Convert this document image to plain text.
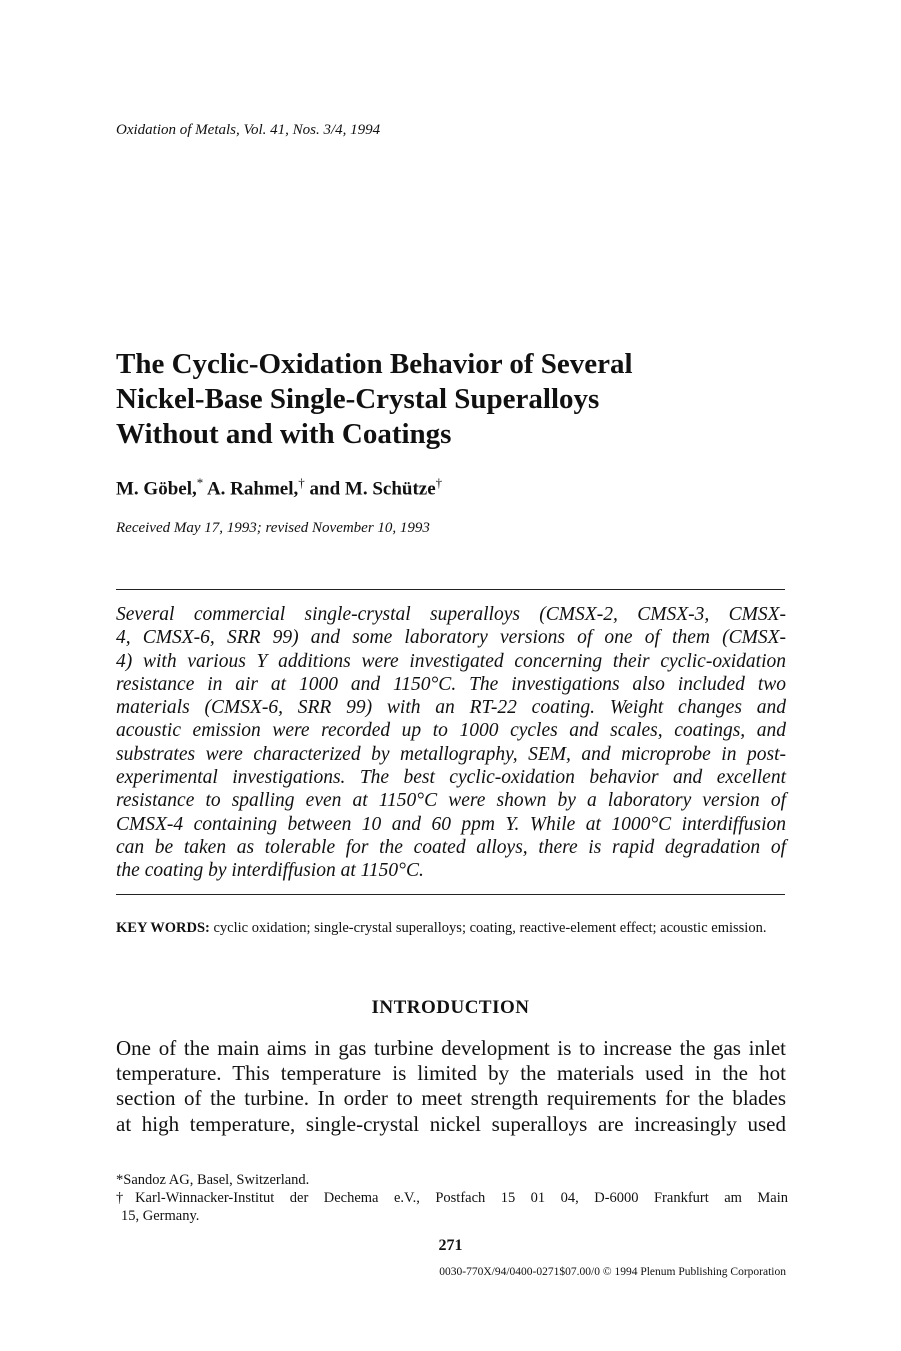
Oxidation of Metals, Vol. 41, Nos. 3/4, 1994
The Cyclic-Oxidation Behavior of Several
Nickel-Base Single-Crystal Superalloys
Without and with Coatings
M. Göbel,* A. Rahmel,† and M. Schütze†
Received May 17, 1993; revised November 10, 1993
Several commercial single-crystal superalloys (CMSX-2, CMSX-3, CMSX-
4, CMSX-6, SRR 99) and some laboratory versions of one of them (CMSX-
4) with various Y additions were investigated concerning their cyclic-oxidation
resistance in air at 1000 and 1150°C. The investigations also included two
materials (CMSX-6, SRR 99) with an RT-22 coating. Weight changes and
acoustic emission were recorded up to 1000 cycles and scales, coatings, and
substrates were characterized by metallography, SEM, and microprobe in post-
experimental investigations. The best cyclic-oxidation behavior and excellent
resistance to spalling even at 1150°C were shown by a laboratory version of
CMSX-4 containing between 10 and 60 ppm Y. While at 1000°C interdiffusion
can be taken as tolerable for the coated alloys, there is rapid degradation of
the coating by interdiffusion at 1150°C.
KEY WORDS: cyclic oxidation; single-crystal superalloys; coating, reactive-element effect; acoustic emission.
INTRODUCTION
One of the main aims in gas turbine development is to increase the gas inlet
temperature. This temperature is limited by the materials used in the hot
section of the turbine. In order to meet strength requirements for the blades
at high temperature, single-crystal nickel superalloys are increasingly used
*Sandoz AG, Basel, Switzerland.
†Karl-Winnacker-Institut der Dechema e.V., Postfach 15 01 04, D-6000 Frankfurt am Main
15, Germany.
271
0030-770X/94/0400-0271$07.00/0 © 1994 Plenum Publishing Corporation
